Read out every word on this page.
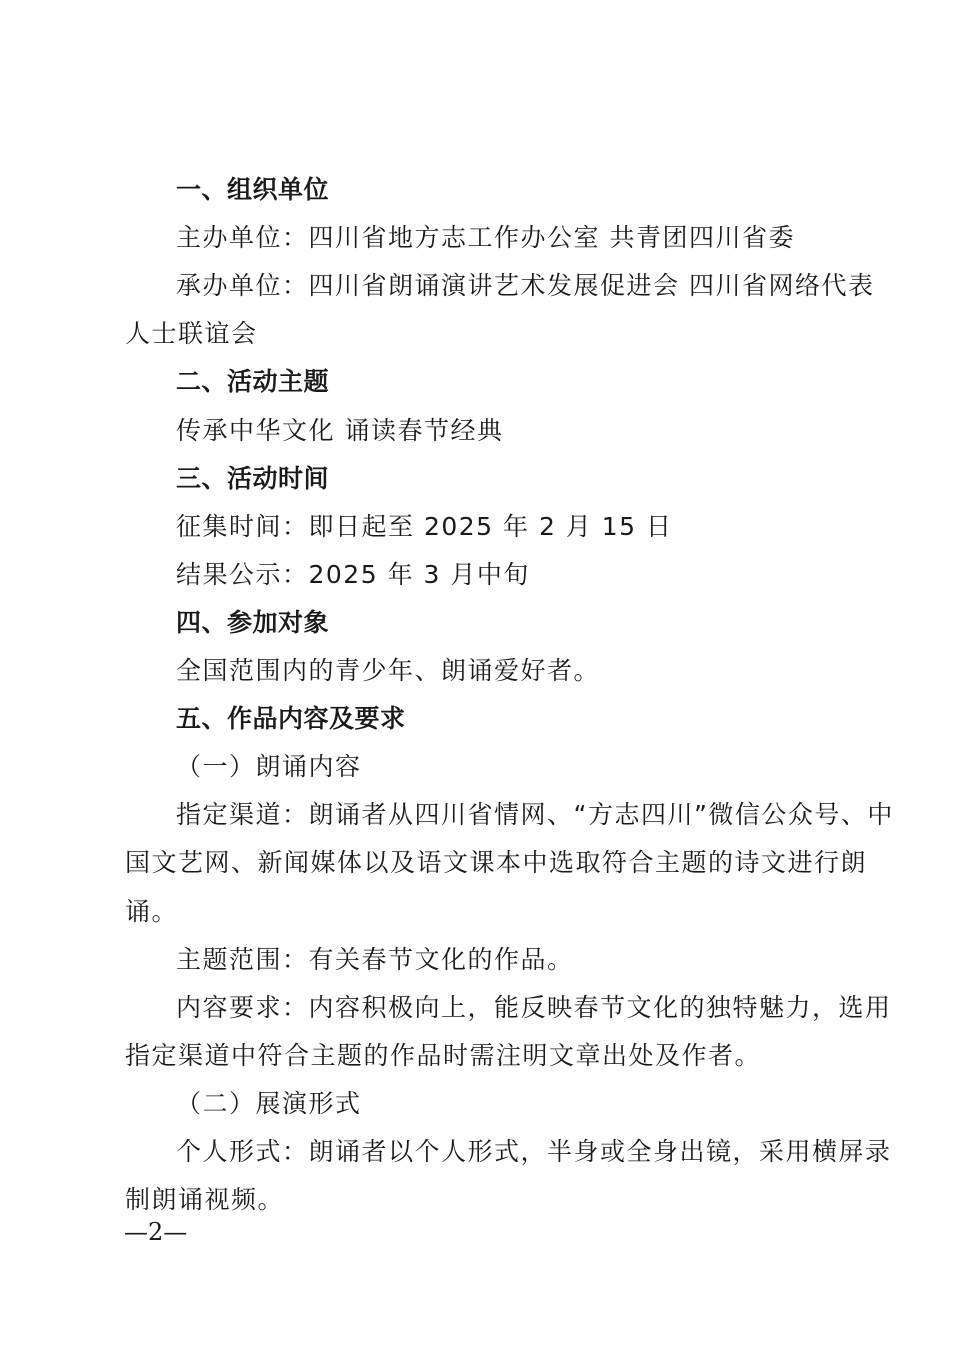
一、组织单位
主办单位：四川省地方志工作办公室 共青团四川省委
承办单位：四川省朗诵演讲艺术发展促进会 四川省网络代表
人士联谊会
二、活动主题
传承中华文化 诵读春节经典
三、活动时间
征集时间：即日起至 2025 年 2 月 15 日
结果公示：2025 年 3 月中旬
四、参加对象
全国范围内的青少年、朗诵爱好者。
五、作品内容及要求
（一）朗诵内容
指定渠道：朗诵者从四川省情网、“方志四川”微信公众号、中
国文艺网、新闻媒体以及语文课本中选取符合主题的诗文进行朗
诵。
主题范围：有关春节文化的作品。
内容要求：内容积极向上，能反映春节文化的独特魅力，选用
指定渠道中符合主题的作品时需注明文章出处及作者。
（二）展演形式
个人形式：朗诵者以个人形式，半身或全身出镜，采用横屏录
制朗诵视频。
—2—
